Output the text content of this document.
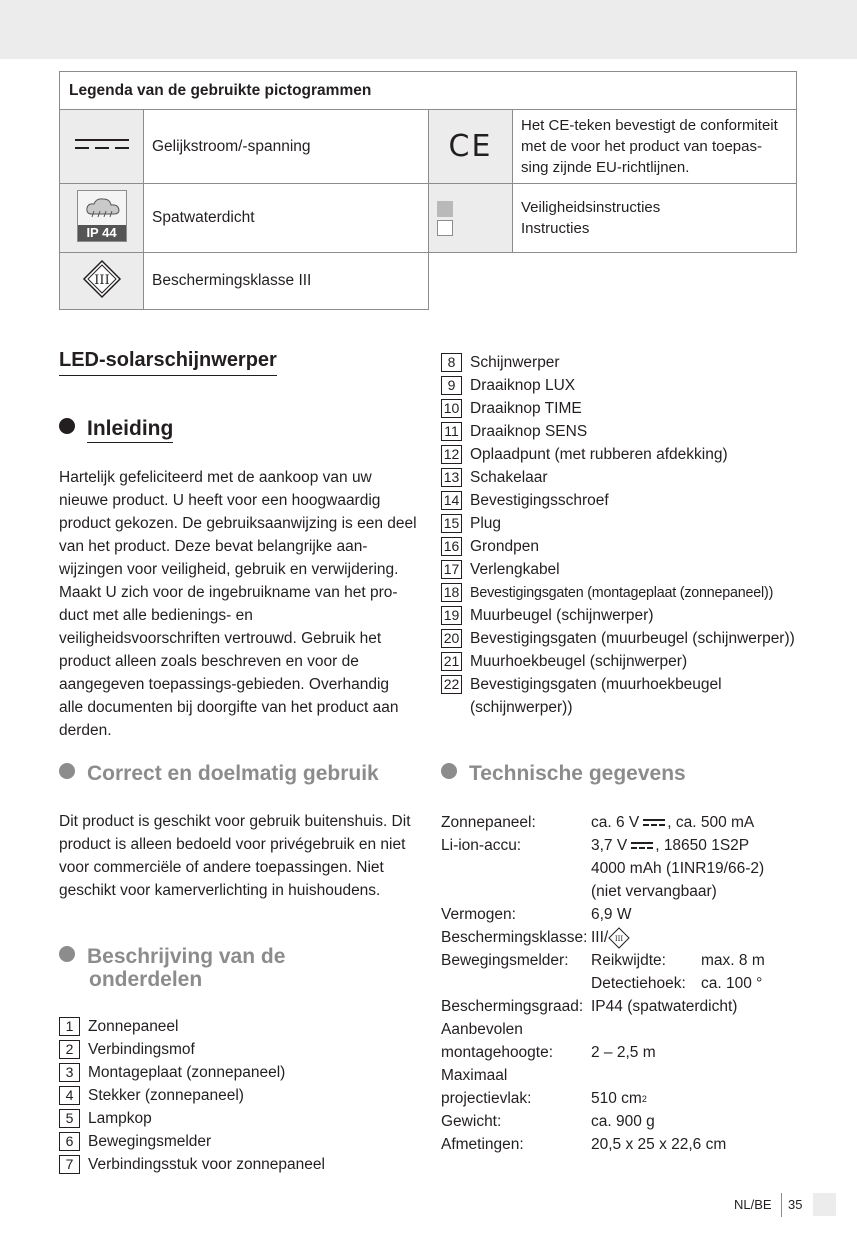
Legenda van de gebruikte pictogrammen			

	Gelijkstroom/-spanning	CE	Het CE-teken bevestigt de conformiteit met de voor het product van toepas-sing zijnde EU-richtlijnen.

IP 44	Spatwaterdicht		Veiligheidsinstructies
Instructies

III	Beschermingsklasse III		
LED-solarschijnwerper
Inleiding
Hartelijk gefeliciteerd met de aankoop van uw nieuwe product. U heeft voor een hoogwaardig product gekozen. De gebruiksaanwijzing is een deel van het product. Deze bevat belangrijke aan-wijzingen voor veiligheid, gebruik en verwijdering. Maakt U zich voor de ingebruikname van het pro-duct met alle bedienings- en veiligheidsvoorschriften vertrouwd. Gebruik het product alleen zoals beschreven en voor de aangegeven toepassings-gebieden. Overhandig alle documenten bij doorgifte van het product aan derden.
Correct en doelmatig gebruik
Dit product is geschikt voor gebruik buitenshuis. Dit product is alleen bedoeld voor privégebruik en niet voor commerciële of andere toepassingen. Niet geschikt voor kamerverlichting in huishoudens.
Beschrijving van de
onderdelen
1 Zonnepaneel
2 Verbindingsmof
3 Montageplaat (zonnepaneel)
4 Stekker (zonnepaneel)
5 Lampkop
6 Bewegingsmelder
7 Verbindingsstuk voor zonnepaneel
8 Schijnwerper
9 Draaiknop LUX
10 Draaiknop TIME
11 Draaiknop SENS
12 Oplaadpunt (met rubberen afdekking)
13 Schakelaar
14 Bevestigingsschroef
15 Plug
16 Grondpen
17 Verlengkabel
18 Bevestigingsgaten (montageplaat (zonnepaneel))
19 Muurbeugel (schijnwerper)
20 Bevestigingsgaten (muurbeugel (schijnwerper))
21 Muurhoekbeugel (schijnwerper)
22 Bevestigingsgaten (muurhoekbeugel
(schijnwerper))
Technische gegevens
Zonnepaneel:	ca. 6 V , ca. 500 mA
Li-ion-accu:	3,7 V , 18650 1S2P
4000 mAh (1INR19/66-2)
(niet vervangbaar)
Vermogen:	6,9 W
Beschermingsklasse: III/ III
Bewegingsmelder:	Reikwijdte:	max. 8 m
Detectiehoek: ca. 100 °
Beschermingsgraad: IP44 (spatwaterdicht)
Aanbevolen
montagehoogte:	2 – 2,5 m
Maximaal
projectievlak:	510 cm 2
Gewicht:	ca. 900 g
Afmetingen:	20,5 x 25 x 22,6 cm
NL/BE 35
